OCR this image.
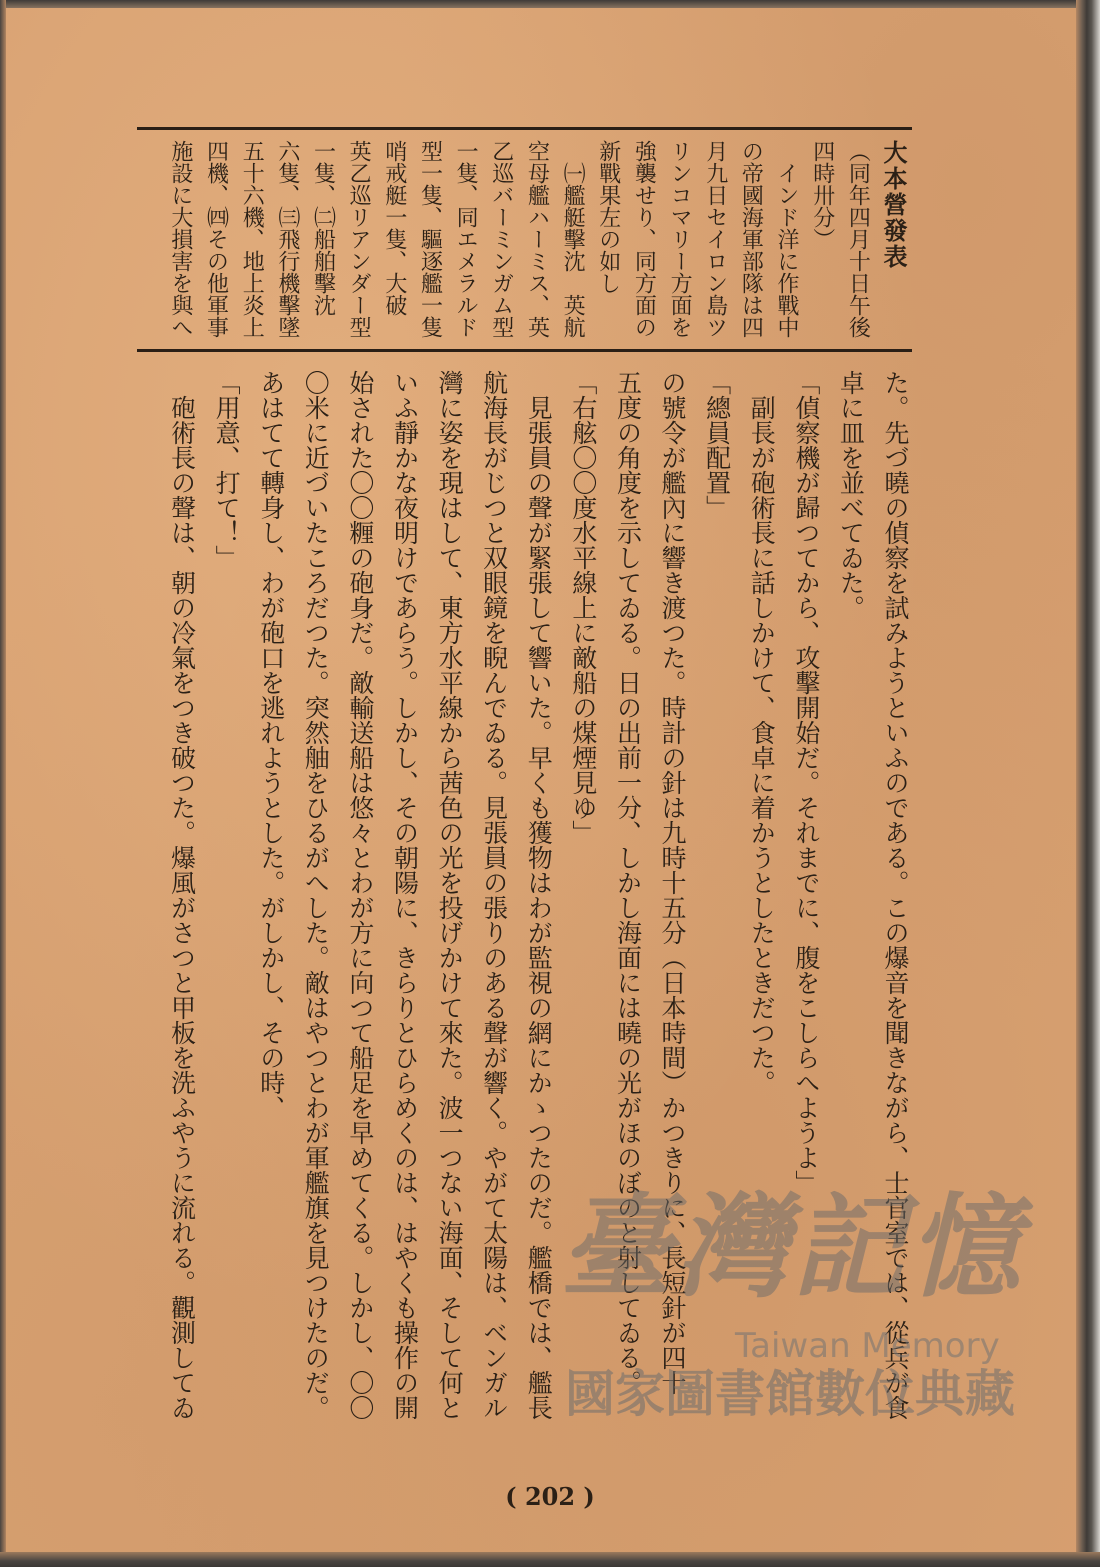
大本營發表
（同年四月十日午後
四時卅分）
インド洋に作戰中
の帝國海軍部隊は四
月九日セイロン島ツ
リンコマリー方面を
強襲せり、同方面の
新戰果左の如し
㈠艦艇擊沈　英航
空母艦ハーミス、英
乙巡バーミンガム型
一隻、同エメラルド
型一隻、驅逐艦一隻
哨戒艇一隻、大破
英乙巡リアンダー型
一隻、㈡船舶擊沈
六隻、㈢飛行機擊墜
五十六機、地上炎上
四機、㈣その他軍事
施設に大損害を與へ
た。先づ曉の偵察を試みようといふのである。この爆音を聞きながら、士官室では、從兵が食
卓に皿を並べてゐた。
「偵察機が歸つてから、攻擊開始だ。それまでに、腹をこしらへようよ」
副長が砲術長に話しかけて、食卓に着かうとしたときだつた。
「總員配置」
の號令が艦內に響き渡つた。時計の針は九時十五分（日本時間）かつきりに、長短針が四十
五度の角度を示してゐる。日の出前一分、しかし海面には曉の光がほのぼのと射してゐる。
「右舷〇〇度水平線上に敵船の煤煙見ゆ」
見張員の聲が緊張して響いた。早くも獲物はわが監視の網にかゝつたのだ。艦橋では、艦長
航海長がじつと双眼鏡を睨んでゐる。見張員の張りのある聲が響く。やがて太陽は、ベンガル
灣に姿を現はして、東方水平線から茜色の光を投げかけて來た。波一つない海面、そして何と
いふ靜かな夜明けであらう。しかし、その朝陽に、きらりとひらめくのは、はやくも操作の開
始された〇〇糎の砲身だ。敵輸送船は悠々とわが方に向つて船足を早めてくる。しかし、〇〇
〇米に近づいたころだつた。突然舳をひるがへした。敵はやつとわが軍艦旗を見つけたのだ。
あはてて轉身し、わが砲口を逃れようとした。がしかし、その時、
「用意、打て！」
砲術長の聲は、朝の冷氣をつき破つた。爆風がさつと甲板を洗ふやうに流れる。觀測してゐ
( 202 )
臺灣記憶
Taiwan Memory
國家圖書館數位典藏
